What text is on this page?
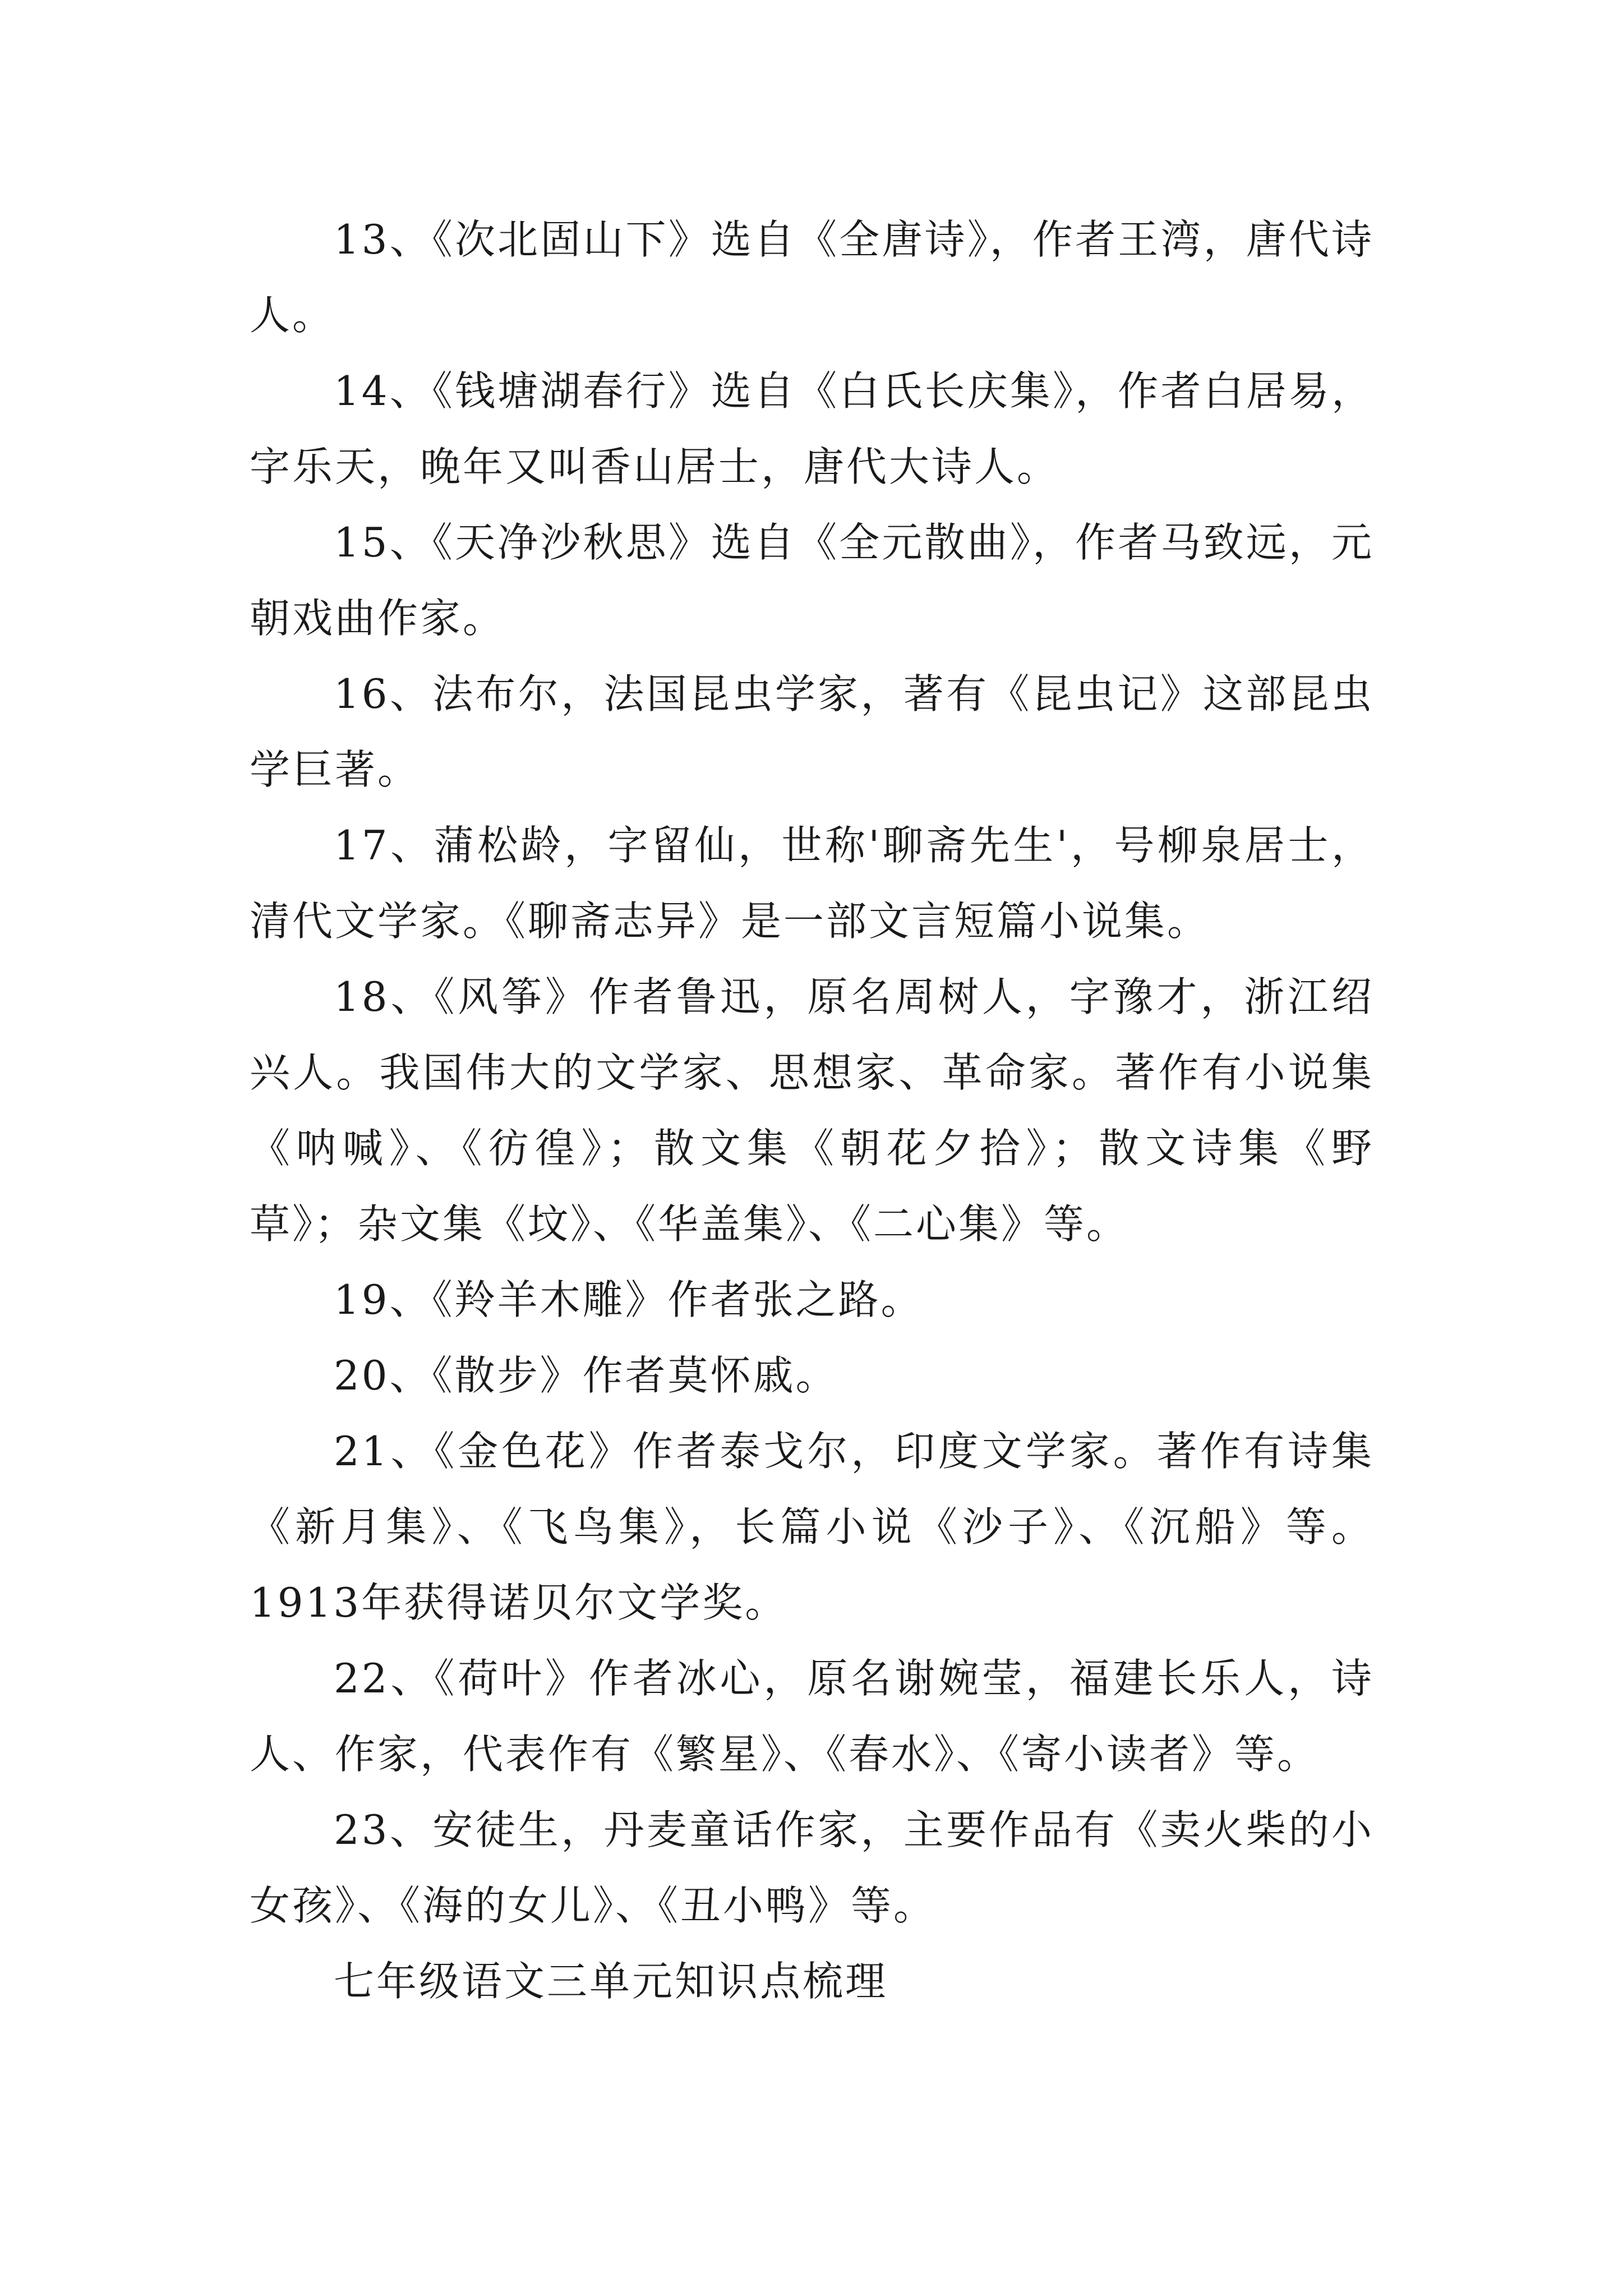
13、《次北固山下》选自《全唐诗》，作者王湾，唐代诗人。

14、《钱塘湖春行》选自《白氏长庆集》，作者白居易，字乐天，晚年又叫香山居士，唐代大诗人。

15、《天净沙秋思》选自《全元散曲》，作者马致远，元朝戏曲作家。

16、法布尔，法国昆虫学家，著有《昆虫记》这部昆虫学巨著。

17、蒲松龄，字留仙，世称'聊斋先生'，号柳泉居士，清代文学家。《聊斋志异》是一部文言短篇小说集。

18、《风筝》作者鲁迅，原名周树人，字豫才，浙江绍兴人。我国伟大的文学家、思想家、革命家。著作有小说集《呐喊》、《彷徨》；散文集《朝花夕拾》；散文诗集《野草》；杂文集《坟》、《华盖集》、《二心集》等。

19、《羚羊木雕》作者张之路。

20、《散步》作者莫怀戚。

21、《金色花》作者泰戈尔，印度文学家。著作有诗集《新月集》、《飞鸟集》，长篇小说《沙子》、《沉船》等。1913年获得诺贝尔文学奖。

22、《荷叶》作者冰心，原名谢婉莹，福建长乐人，诗人、作家，代表作有《繁星》、《春水》、《寄小读者》等。

23、安徒生，丹麦童话作家，主要作品有《卖火柴的小女孩》、《海的女儿》、《丑小鸭》等。

七年级语文三单元知识点梳理
